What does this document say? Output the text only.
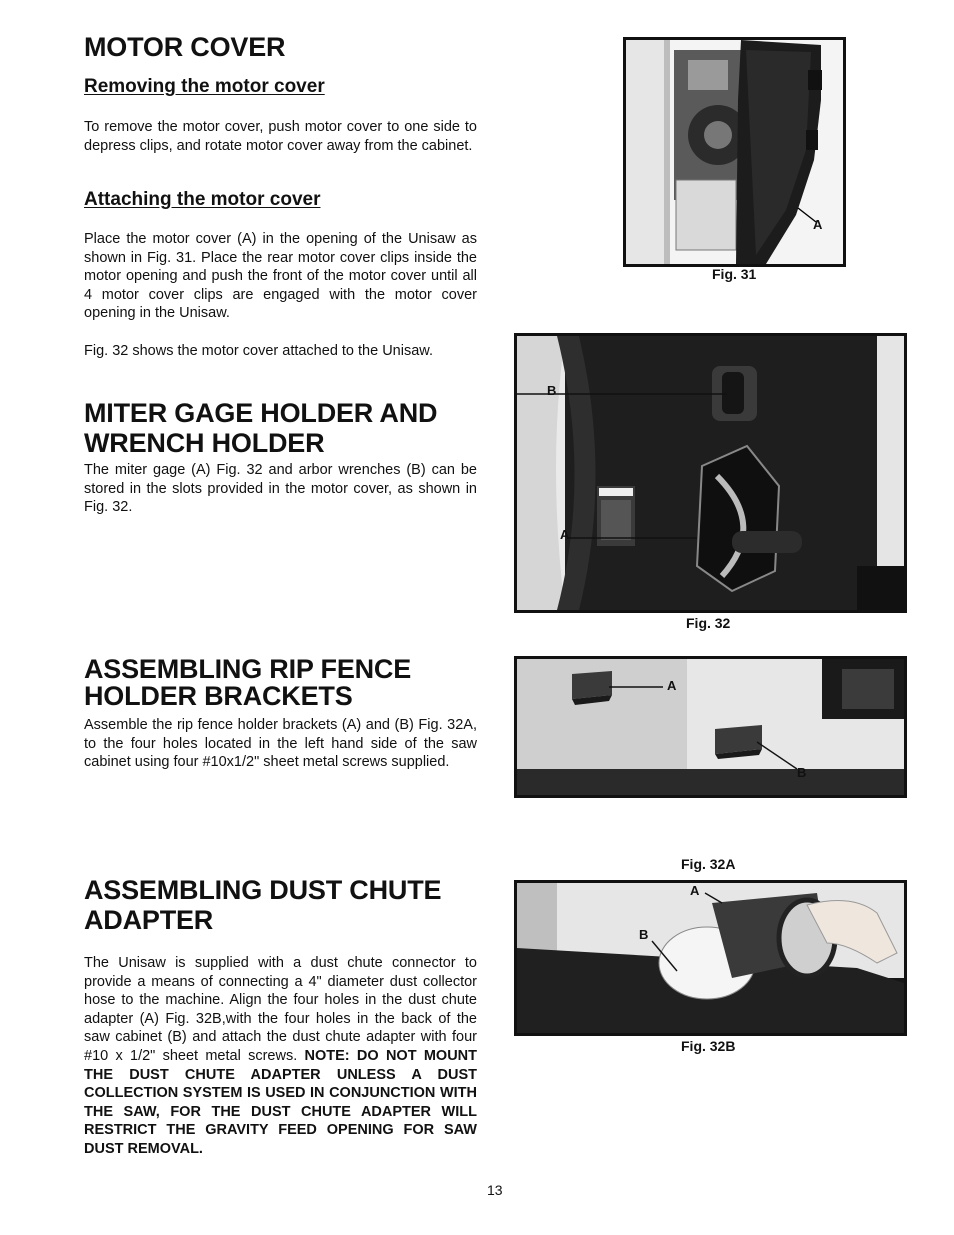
MOTOR COVER
Removing the motor cover

To remove the motor cover, push motor cover to one side to depress clips, and rotate motor cover away from the cabinet.

Attaching the motor cover

Place the motor cover (A) in the opening of the Unisaw as shown in Fig. 31. Place the rear motor cover clips inside the motor opening and push the front of the motor cover until all 4 motor cover clips are engaged with the motor cover opening in the Unisaw.

Fig. 32 shows the motor cover attached to the Unisaw.

MITER GAGE HOLDER AND
WRENCH HOLDER

The miter gage (A) Fig. 32 and arbor wrenches (B) can be stored in the slots provided in the motor cover, as shown in Fig. 32.

ASSEMBLING RIP FENCE
HOLDER BRACKETS

Assemble the rip fence holder brackets (A) and (B) Fig. 32A, to the four holes located in the left hand side of the saw cabinet using four #10x1/2" sheet metal screws supplied.

ASSEMBLING DUST CHUTE
ADAPTER

The Unisaw is supplied with a dust chute connector to provide a means of connecting a 4" diameter dust collector hose to the machine. Align the four holes in the dust chute adapter (A) Fig. 32B,with the four holes in the back of the saw cabinet (B) and attach the dust chute adapter with four #10 x 1/2" sheet metal screws. NOTE: DO NOT MOUNT THE DUST CHUTE ADAPTER UNLESS A DUST COLLECTION SYSTEM IS USED IN CONJUNCTION WITH THE SAW, FOR THE DUST CHUTE ADAPTER WILL RESTRICT THE GRAVITY FEED OPENING FOR SAW DUST REMOVAL.

A
Fig. 31
B
A
Fig. 32
A
B
Fig. 32A
A
B
Fig. 32B
13
